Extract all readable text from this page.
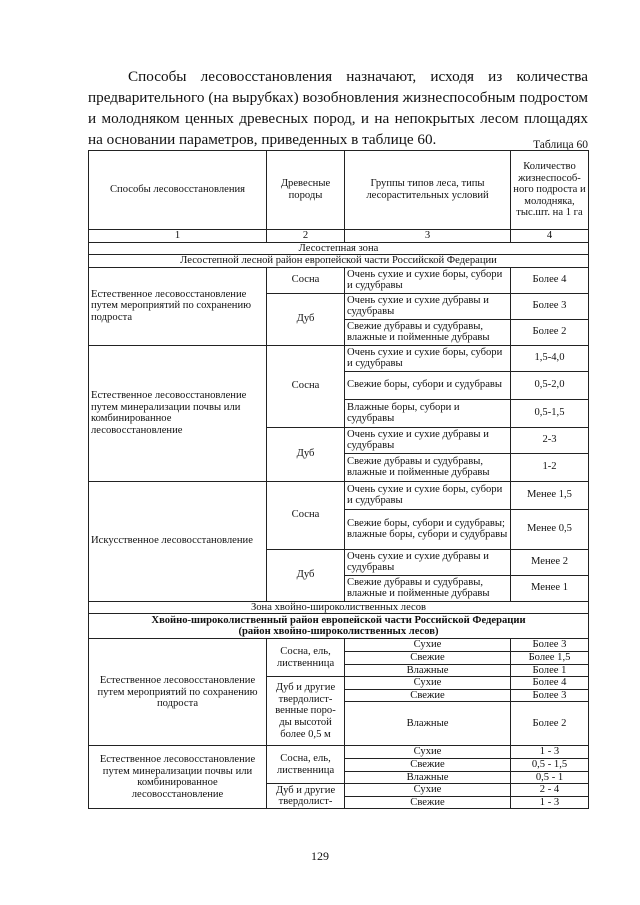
Способы лесовосстановления назначают, исходя из количества предварительного (на вырубках) возобновления жизнеспособным подростом и молодняком ценных древесных пород, и на непокрытых лесом площадях на основании параметров, приведенных в таблице 60.	Таблица 60
Способы лесовосстановления	Древесные породы	Группы типов леса, типы лесорастительных условий	Количество жизнеспособ-ного подроста и молодняка, тыс.шт. на 1 га
1	2	3	4
Лесостепная зона			
Лесостепной лесной район европейской части Российской Федерации			
Естественное лесовосстановление путем мероприятий по сохранению подроста	Сосна	Очень сухие и сухие боры, субори и судубравы	Более 4
	Дуб	Очень сухие и сухие дубравы и судубравы	Более 3
		Свежие дубравы и судубравы, влажные и пойменные дубравы	Более 2
Естественное лесовосстановление путем минерализации почвы или комбинированное лесовосстановление	Сосна	Очень сухие и сухие боры, субори и судубравы	1,5-4,0
		Свежие боры, субори и судубравы	0,5-2,0
		Влажные боры, субори и судубравы	0,5-1,5
	Дуб	Очень сухие и сухие дубравы и судубравы	2-3
		Свежие дубравы и судубравы, влажные и пойменные дубравы	1-2
Искусственное лесовосстановление	Сосна	Очень сухие и сухие боры, субори и судубравы	Менее 1,5
		Свежие боры, субори и судубравы; влажные боры, субори и судубравы	Менее 0,5
	Дуб	Очень сухие и сухие дубравы и судубравы	Менее 2
		Свежие дубравы и судубравы, влажные и пойменные дубравы	Менее 1
Зона хвойно-широколиственных лесов			

Хвойно-широколиственный район европейской части Российской Федерации
(район хвойно-широколиственных лесов)			

Естественное лесовосстановление путем мероприятий по сохранению подроста	Сосна, ель, лиственница	Сухие	Более 3
		Свежие	Более 1,5
		Влажные	Более 1
	Дуб и другие твердолист-венные поро-ды высотой более 0,5 м	Сухие	Более 4
		Свежие	Более 3
		Влажные	Более 2
Естественное лесовосстановление путем минерализации почвы или комбинированное лесовосстановление	Сосна, ель, лиственница	Сухие	1 - 3
		Свежие	0,5 - 1,5
		Влажные	0,5 - 1
	Дуб и другие твердолист-	Сухие	2 - 4
		Свежие	1 - 3
129
